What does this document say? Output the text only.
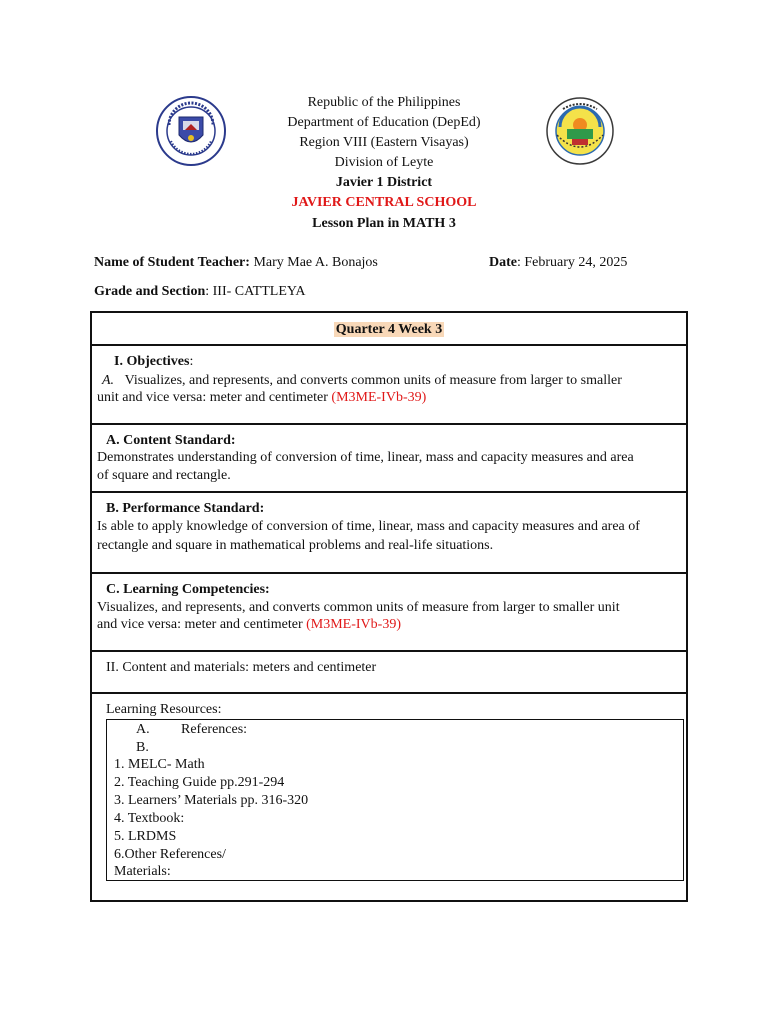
Republic of the Philippines
Department of Education (DepEd)
Region VIII (Eastern Visayas)
Division of Leyte
Javier 1 District
JAVIER CENTRAL SCHOOL
Lesson Plan in MATH 3
Name of Student Teacher: Mary Mae A. Bonajos	Date: February 24, 2025
Grade and Section: III- CATTLEYA
Quarter 4 Week 3
I. Objectives:
A. Visualizes, and represents, and converts common units of measure from larger to smaller
unit and vice versa: meter and centimeter (M3ME-IVb-39)
A. Content Standard:
Demonstrates understanding of conversion of time, linear, mass and capacity measures and area
of square and rectangle.
B. Performance Standard:
Is able to apply knowledge of conversion of time, linear, mass and capacity measures and area of
rectangle and square in mathematical problems and real-life situations.
C. Learning Competencies:
Visualizes, and represents, and converts common units of measure from larger to smaller unit
and vice versa: meter and centimeter (M3ME-IVb-39)
II. Content and materials: meters and centimeter
Learning Resources:
A. References:
B.
1. MELC- Math
2. Teaching Guide pp.291-294
3. Learners’ Materials pp. 316-320
4. Textbook:
5. LRDMS
6.Other References/
Materials:
